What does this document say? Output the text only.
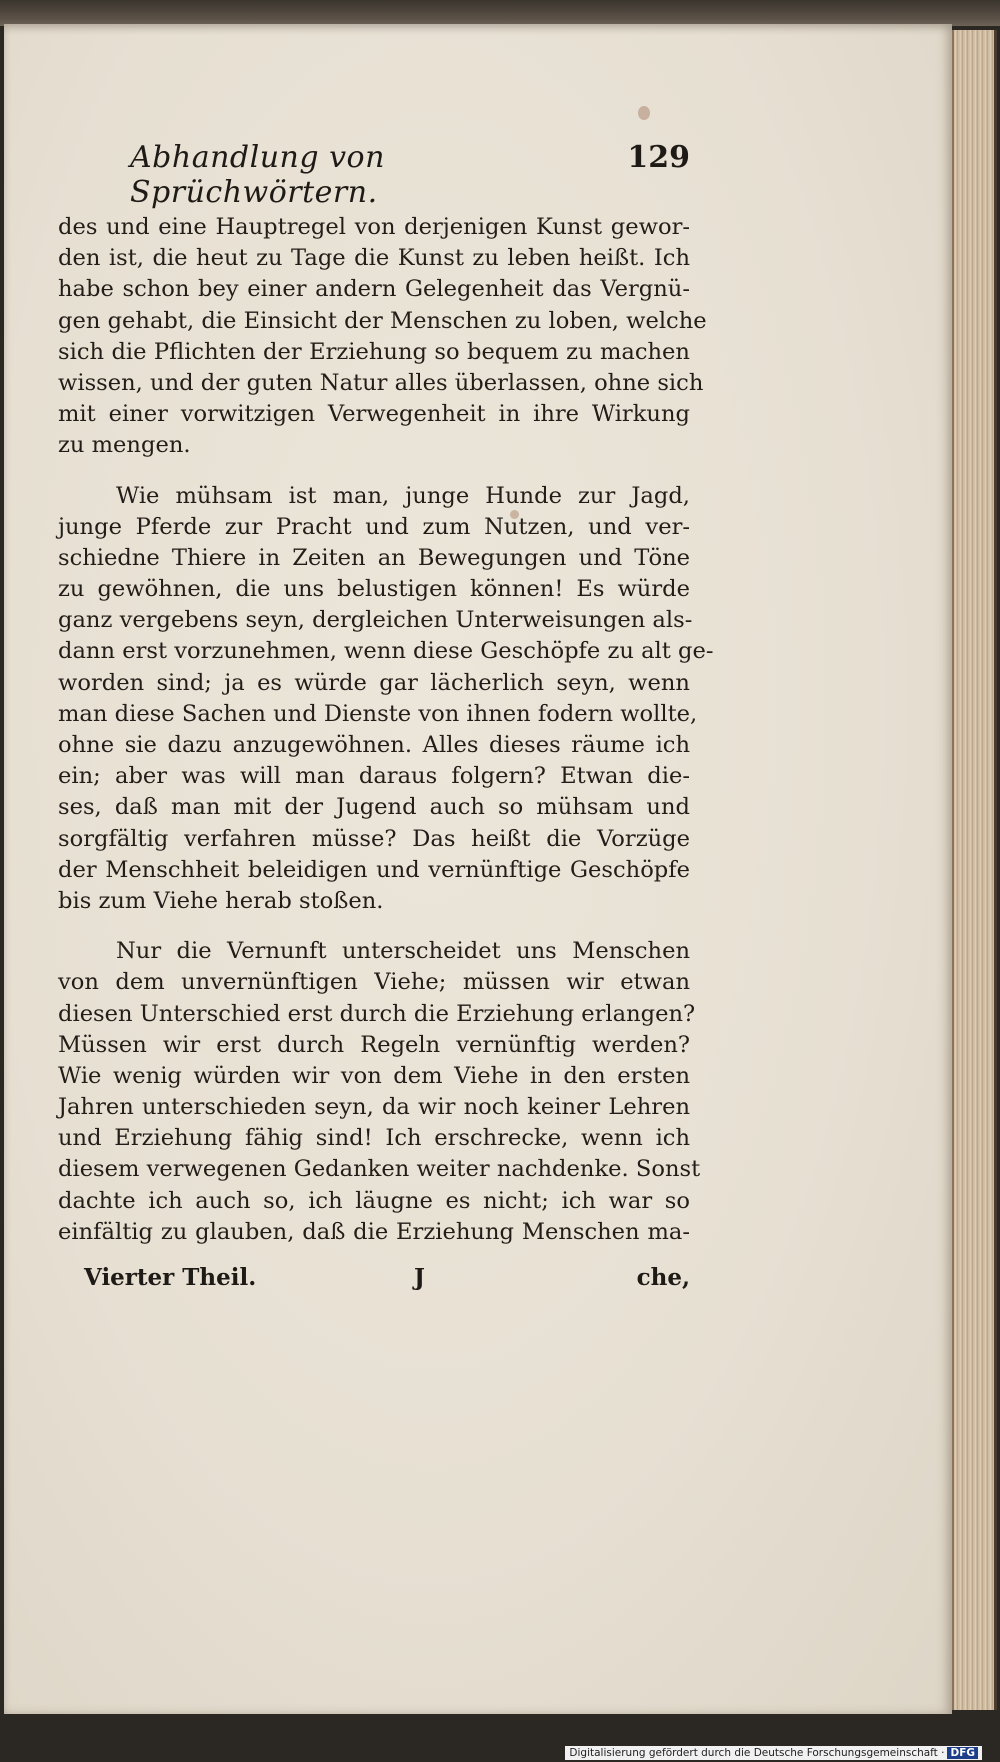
Abhandlung von Sprüchwörtern.
129
des und eine Hauptregel von derjenigen Kunst gewor-
den ist, die heut zu Tage die Kunst zu leben heißt. Ich
habe schon bey einer andern Gelegenheit das Vergnü-
gen gehabt, die Einsicht der Menschen zu loben, welche
sich die Pflichten der Erziehung so bequem zu machen
wissen, und der guten Natur alles überlassen, ohne sich
mit einer vorwitzigen Verwegenheit in ihre Wirkung
zu mengen.
Wie mühsam ist man, junge Hunde zur Jagd,
junge Pferde zur Pracht und zum Nutzen, und ver-
schiedne Thiere in Zeiten an Bewegungen und Töne
zu gewöhnen, die uns belustigen können! Es würde
ganz vergebens seyn, dergleichen Unterweisungen als-
dann erst vorzunehmen, wenn diese Geschöpfe zu alt ge-
worden sind; ja es würde gar lächerlich seyn, wenn
man diese Sachen und Dienste von ihnen fodern wollte,
ohne sie dazu anzugewöhnen. Alles dieses räume ich
ein; aber was will man daraus folgern? Etwan die-
ses, daß man mit der Jugend auch so mühsam und
sorgfältig verfahren müsse? Das heißt die Vorzüge
der Menschheit beleidigen und vernünftige Geschöpfe
bis zum Viehe herab stoßen.
Nur die Vernunft unterscheidet uns Menschen
von dem unvernünftigen Viehe; müssen wir etwan
diesen Unterschied erst durch die Erziehung erlangen?
Müssen wir erst durch Regeln vernünftig werden?
Wie wenig würden wir von dem Viehe in den ersten
Jahren unterschieden seyn, da wir noch keiner Lehren
und Erziehung fähig sind! Ich erschrecke, wenn ich
diesem verwegenen Gedanken weiter nachdenke. Sonst
dachte ich auch so, ich läugne es nicht; ich war so
einfältig zu glauben, daß die Erziehung Menschen ma-
Vierter Theil.	J	che,
Digitalisierung gefördert durch die Deutsche Forschungsgemeinschaft · DFG
